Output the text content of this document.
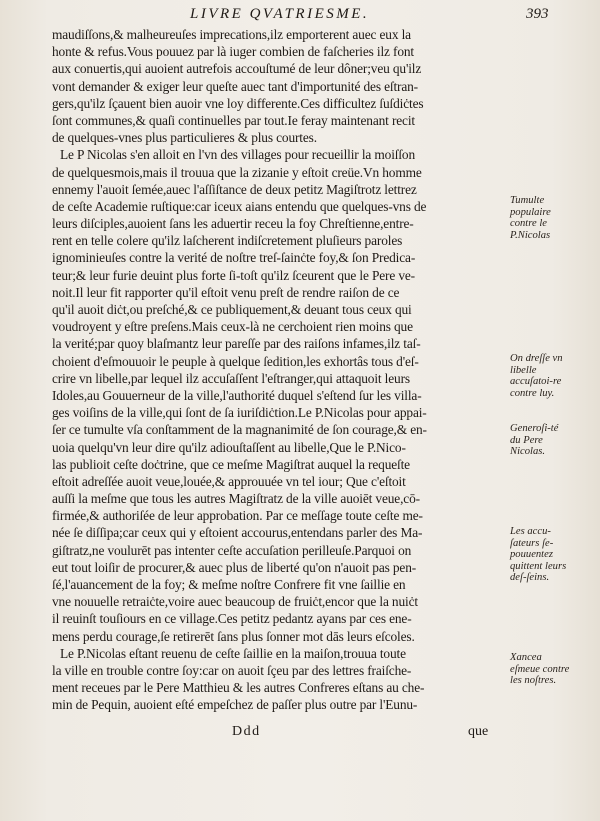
LIVRE QVATRIESME.	393
maudiſſons,& malheureuſes imprecations,ilz emporterent auec eux la
honte & refus.Vous pouuez par là iuger combien de faſcheries ilz font
aux conuertis,qui auoient autrefois accouſtumé de leur dôner;veu qu'ilz
vont demander & exiger leur queſte auec tant d'importunité des eſtran-
gers,qu'ilz ſçauent bien auoir vne loy differente.Ces difficultez ſuſdiċtes
ſont communes,& quaſi continuelles par tout.Ie feray maintenant recit
de quelques-vnes plus particulieres & plus courtes.
Le P Nicolas s'en alloit en l'vn des villages pour recueillir la moiſſon
de quelquesmois,mais il trouua que la zizanie y eſtoit creüe.Vn homme
ennemy l'auoit ſemée,auec l'aſſiſtance de deux petitz Magiſtrotz lettrez
de ceſte Academie ruſtique:car iceux aians entendu que quelques-vns de
leurs diſciples,auoient ſans les aduertir receu la foy Chreſtienne,entre-
rent en telle colere qu'ilz laſcherent indiſcretement pluſieurs paroles
ignominieuſes contre la verité de noſtre treſ-ſainċte foy,& ſon Predica-
teur;& leur furie deuint plus forte ſi-toſt qu'ilz ſceurent que le Pere ve-
noit.Il leur fit rapporter qu'il eſtoit venu preſt de rendre raiſon de ce
qu'il auoit diċt,ou preſché,& ce publiquement,& deuant tous ceux qui
voudroyent y eſtre preſens.Mais ceux-là ne cerchoient rien moins que
la verité;par quoy blaſmantz leur pareſſe par des raiſons infames,ilz taſ-
choient d'eſmouuoir le peuple à quelque ſedition,les exhortâs tous d'eſ-
crire vn libelle,par lequel ilz accuſaſſent l'eſtranger,qui attaquoit leurs
Idoles,au Gouuerneur de la ville,l'authorité duquel s'eſtend ſur les villa-
ges voiſins de la ville,qui ſont de ſa iuriſdiċtion.Le P.Nicolas pour appai-
ſer ce tumulte vſa conſtamment de la magnanimité de ſon courage,& en-
uoia quelqu'vn leur dire qu'ilz adiouſtaſſent au libelle,Que le P.Nico-
las publioit ceſte doċtrine, que ce meſme Magiſtrat auquel la requeſte
eſtoit adreſſée auoit veue,louée,& approuuée vn tel iour; Que c'eſtoit
auſſi la meſme que tous les autres Magiſtratz de la ville auoiēt veue,cō-
firmée,& authoriſée de leur approbation. Par ce meſſage toute ceſte me-
née ſe diſſipa;car ceux qui y eſtoient accourus,entendans parler des Ma-
giſtratz,ne voulurēt pas intenter ceſte accuſation perilleuſe.Parquoi on
eut tout loiſir de procurer,& auec plus de liberté qu'on n'auoit pas pen-
ſé,l'auancement de la foy; & meſme noſtre Confrere fit vne ſaillie en
vne nouuelle retraiċte,voire auec beaucoup de fruiċt,encor que la nuiċt
il reuinſt touſiours en ce village.Ces petitz pedantz ayans par ces ene-
mens perdu courage,ſe retirerēt ſans plus ſonner mot dās leurs eſcoles.
Le P.Nicolas eſtant reuenu de ceſte ſaillie en la maiſon,trouua toute
la ville en trouble contre ſoy:car on auoit ſçeu par des lettres fraiſche-
ment receues par le Pere Matthieu & les autres Confreres eſtans au che-
min de Pequin, auoient eſté empeſchez de paſſer plus outre par l'Eunu-
Tumulte populaire contre le P.Nicolas
On dreſſe vn libelle accuſatoi-re contre luy.
Generoſi-té du Pere Nicolas.
Les accu-ſateurs ſe-pouuentez quittent leurs deſ-ſeins.
Xancea eſmeue contre les noſtres.
Ddd	que
